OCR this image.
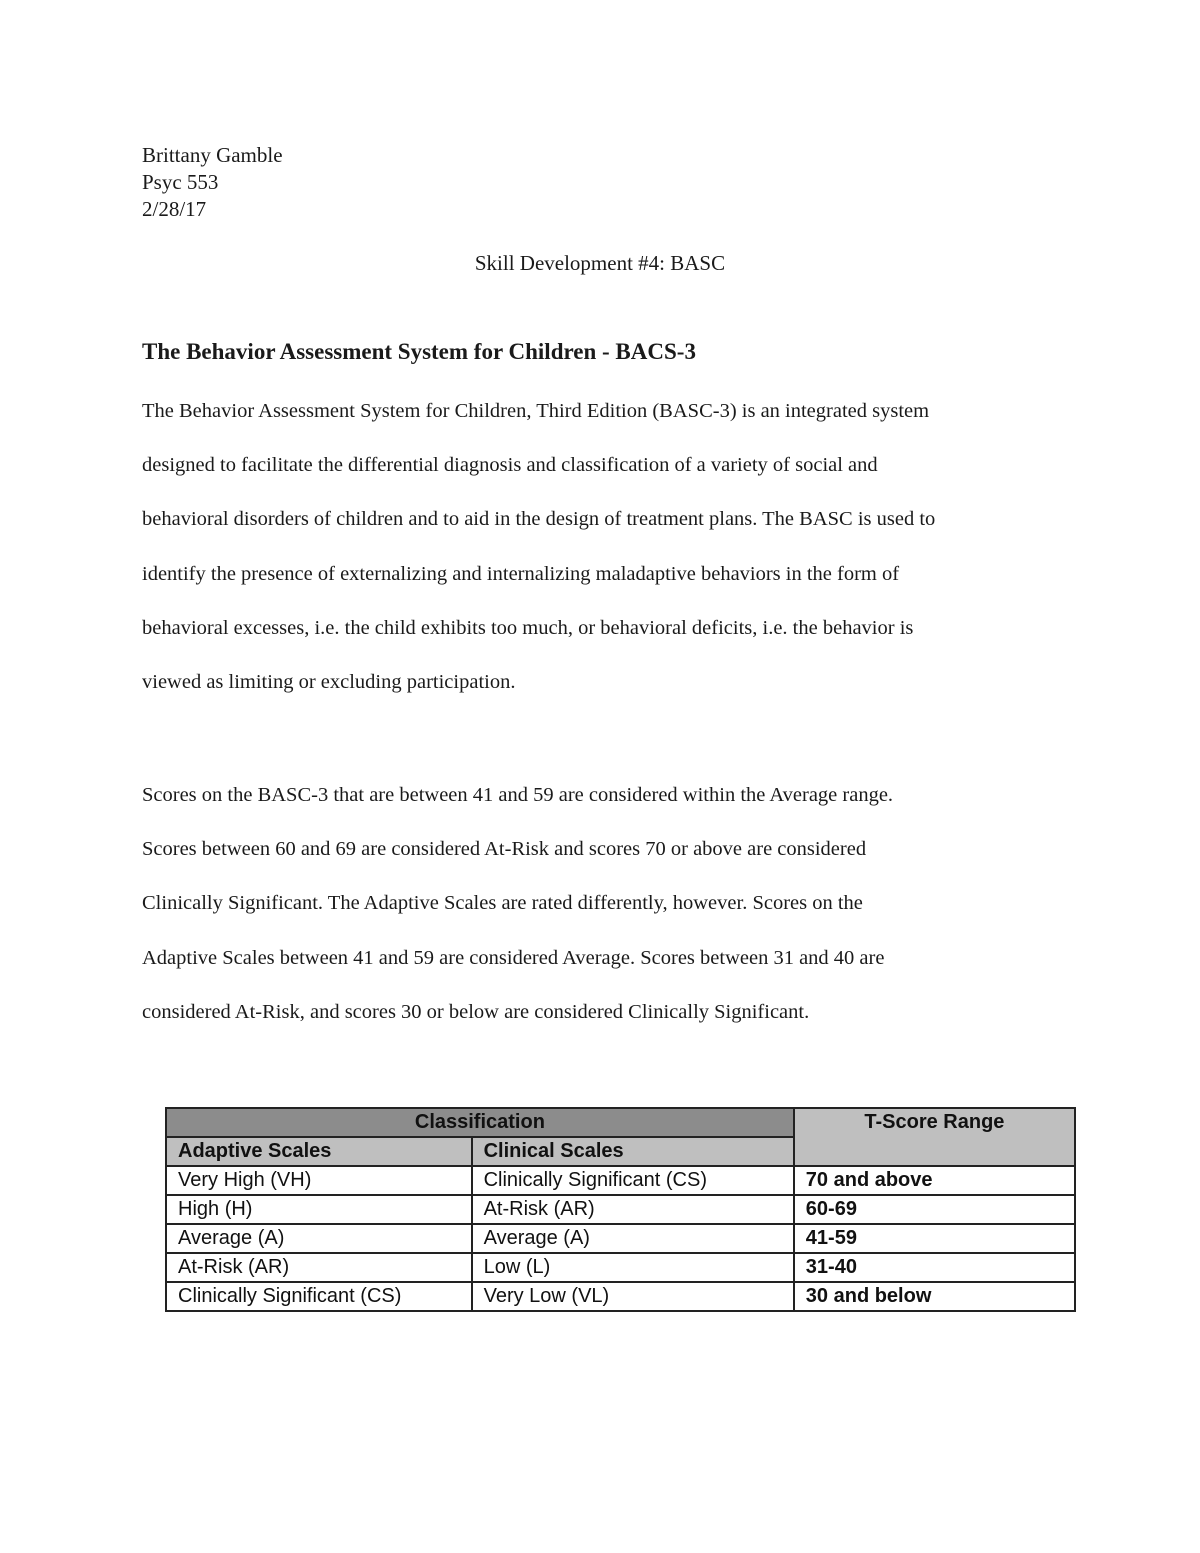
Brittany Gamble
Psyc 553
2/28/17
Skill Development #4: BASC
The Behavior Assessment System for Children - BACS-3

The Behavior Assessment System for Children, Third Edition (BASC-3) is an integrated system
designed to facilitate the differential diagnosis and classification of a variety of social and
behavioral disorders of children and to aid in the design of treatment plans. The BASC is used to
identify the presence of externalizing and internalizing maladaptive behaviors in the form of
behavioral excesses, i.e. the child exhibits too much, or behavioral deficits, i.e. the behavior is
viewed as limiting or excluding participation.

Scores on the BASC-3 that are between 41 and 59 are considered within the Average range.
Scores between 60 and 69 are considered At-Risk and scores 70 or above are considered
Clinically Significant. The Adaptive Scales are rated differently, however. Scores on the
Adaptive Scales between 41 and 59 are considered Average. Scores between 31 and 40 are
considered At-Risk, and scores 30 or below are considered Clinically Significant.

Classification		T-Score Range
Adaptive Scales	Clinical Scales	
Very High (VH)	Clinically Significant (CS)	70 and above
High (H)	At-Risk (AR)	60-69
Average (A)	Average (A)	41-59
At-Risk (AR)	Low (L)	31-40
Clinically Significant (CS)	Very Low (VL)	30 and below
